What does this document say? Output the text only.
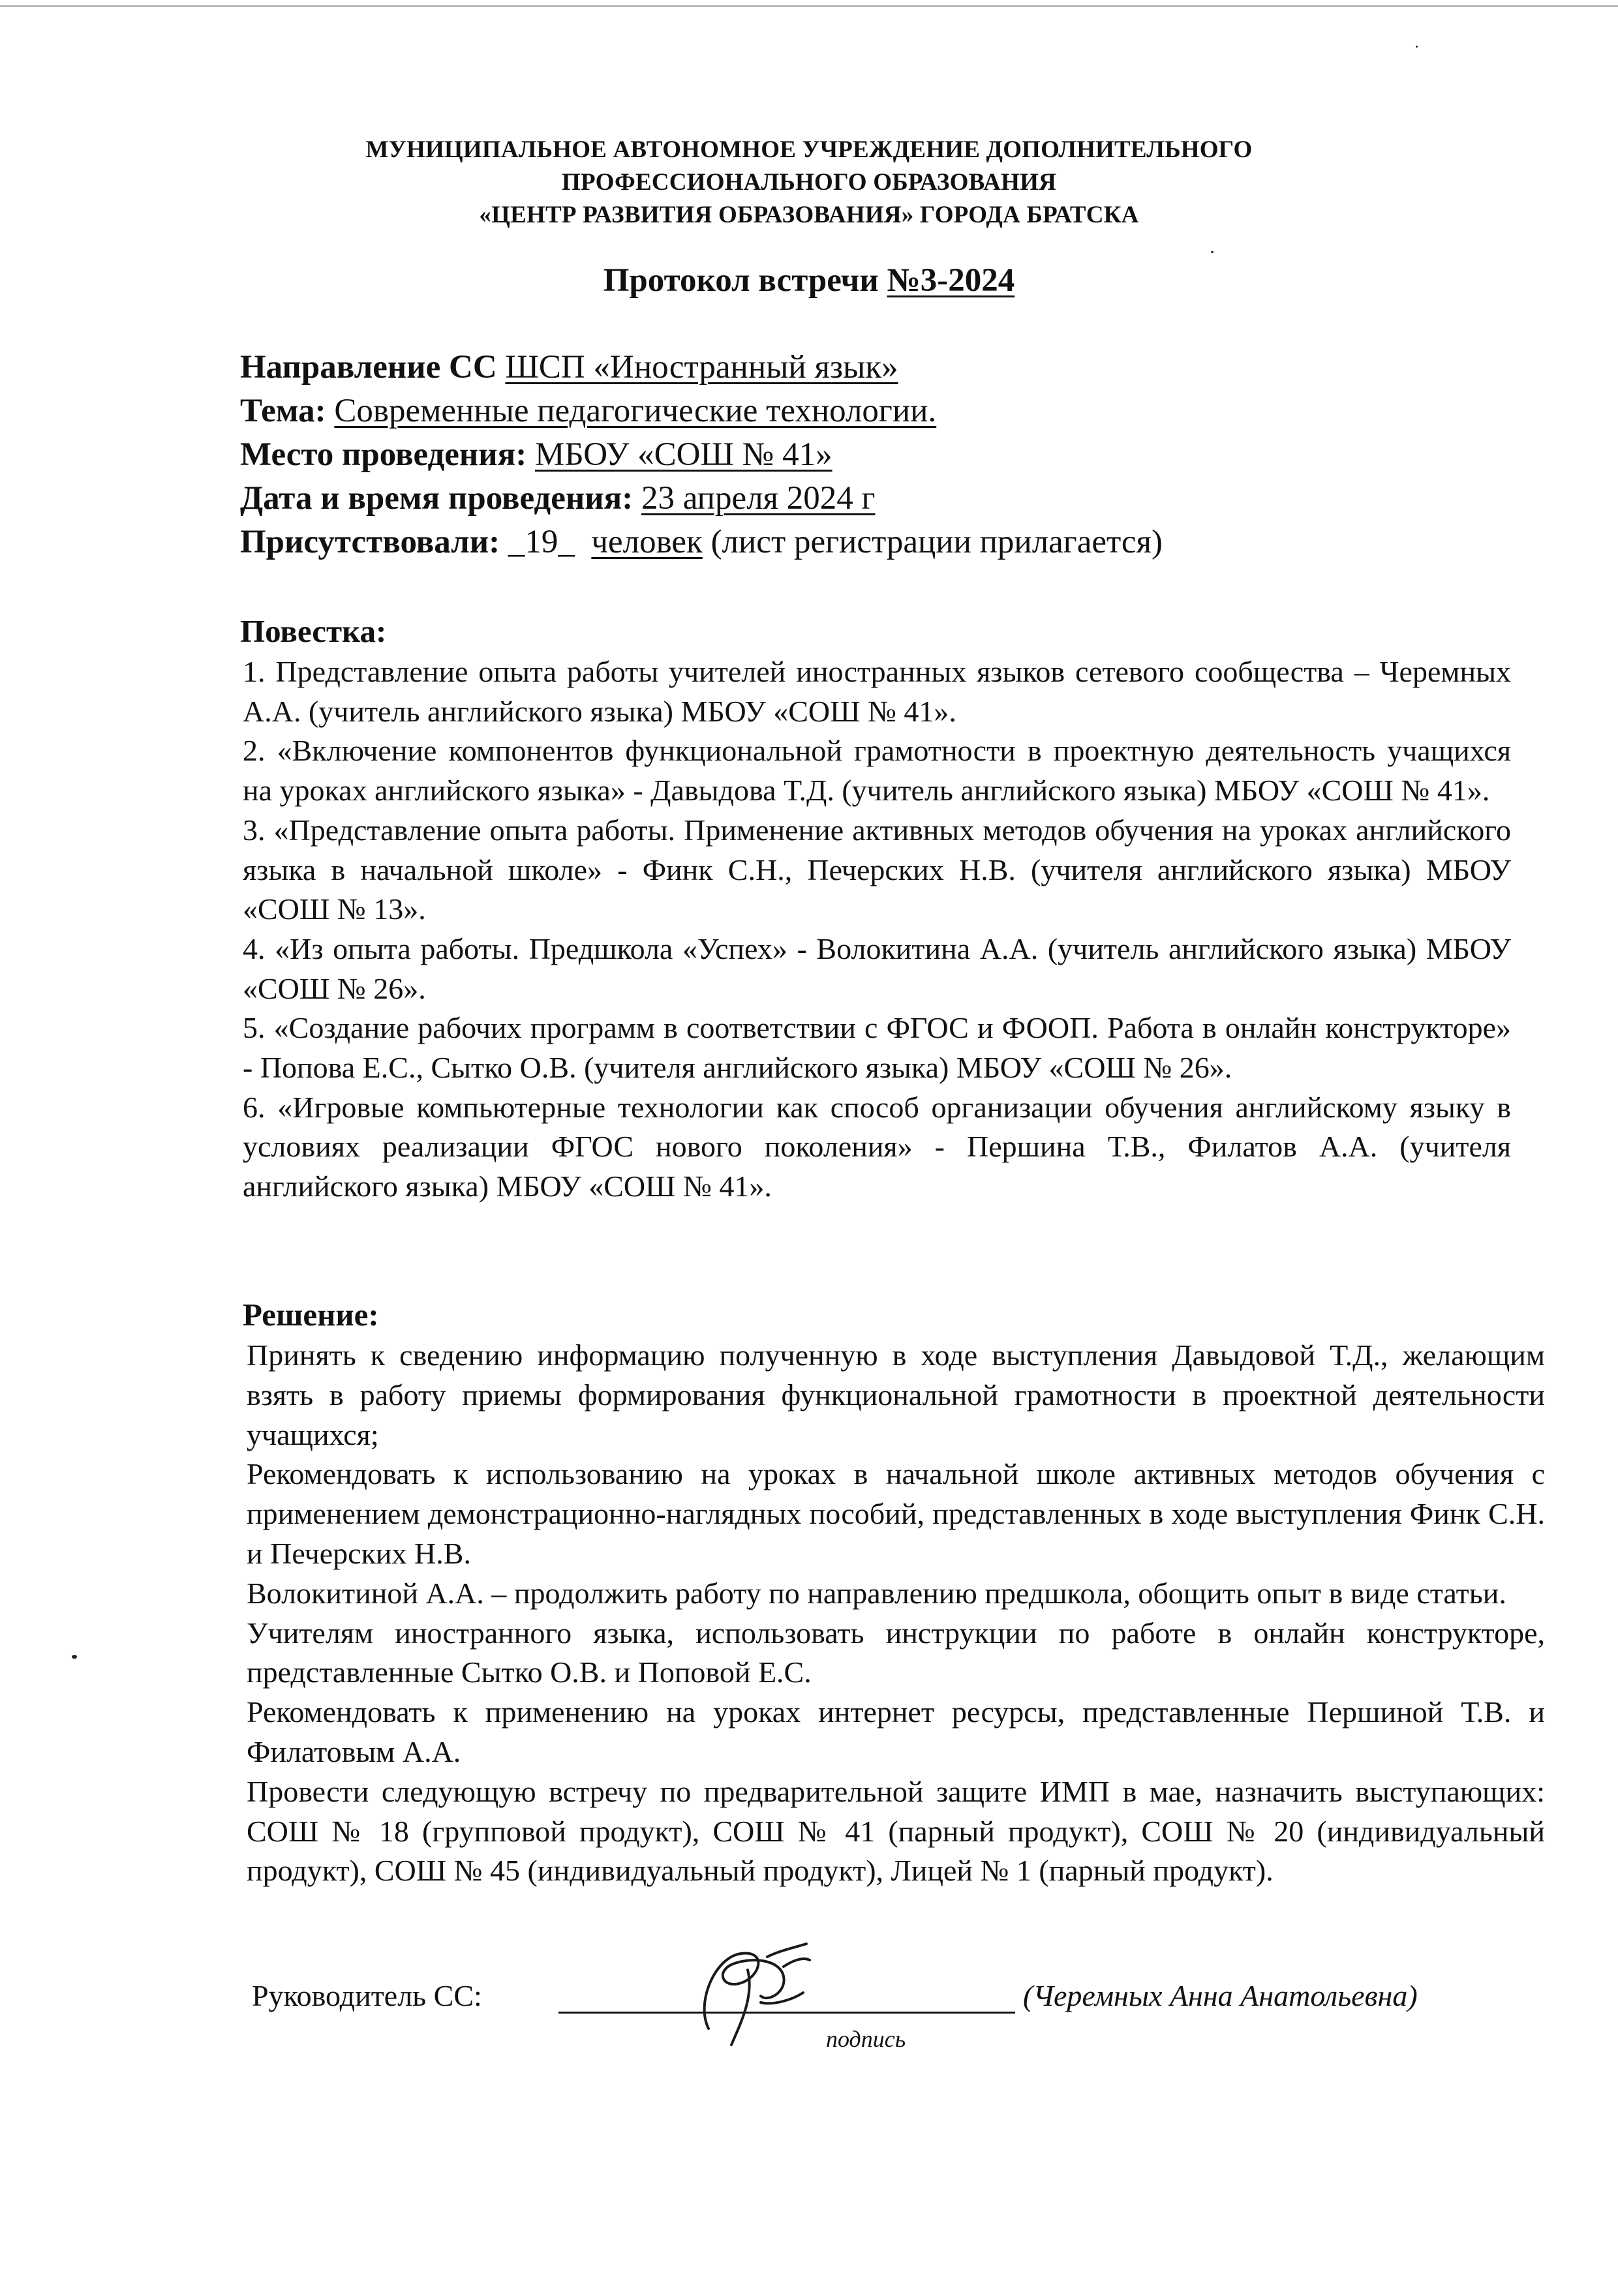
МУНИЦИПАЛЬНОЕ АВТОНОМНОЕ УЧРЕЖДЕНИЕ ДОПОЛНИТЕЛЬНОГО
ПРОФЕССИОНАЛЬНОГО ОБРАЗОВАНИЯ
«ЦЕНТР РАЗВИТИЯ ОБРАЗОВАНИЯ» ГОРОДА БРАТСКА
Протокол встречи №3-2024
Направление СС ШСП «Иностранный язык»
Тема: Современные педагогические технологии.
Место проведения: МБОУ «СОШ № 41»
Дата и время проведения: 23 апреля 2024 г
Присутствовали: _19_ человек (лист регистрации прилагается)
Повестка:

1. Представление опыта работы учителей иностранных языков сетевого сообщества – Черемных А.А. (учитель английского языка) МБОУ «СОШ № 41».

2. «Включение компонентов функциональной грамотности в проектную деятельность учащихся на уроках английского языка» - Давыдова Т.Д. (учитель английского языка) МБОУ «СОШ № 41».

3. «Представление опыта работы. Применение активных методов обучения на уроках английского языка в начальной школе» - Финк С.Н., Печерских Н.В. (учителя английского языка) МБОУ «СОШ № 13».

4. «Из опыта работы. Предшкола «Успех» - Волокитина А.А. (учитель английского языка) МБОУ «СОШ № 26».

5. «Создание рабочих программ в соответствии с ФГОС и ФООП. Работа в онлайн конструкторе» - Попова Е.С., Сытко О.В. (учителя английского языка) МБОУ «СОШ № 26».

6. «Игровые компьютерные технологии как способ организации обучения английскому языку в условиях реализации ФГОС нового поколения» - Першина Т.В., Филатов А.А. (учителя английского языка) МБОУ «СОШ № 41».

Решение:

Принять к сведению информацию полученную в ходе выступления Давыдовой Т.Д., желающим взять в работу приемы формирования функциональной грамотности в проектной деятельности учащихся;

Рекомендовать к использованию на уроках в начальной школе активных методов обучения с применением демонстрационно-наглядных пособий, представленных в ходе выступления Финк С.Н. и Печерских Н.В.

Волокитиной А.А. – продолжить работу по направлению предшкола, обощить опыт в виде статьи.

Учителям иностранного языка, использовать инструкции по работе в онлайн конструкторе, представленные Сытко О.В. и Поповой Е.С.

Рекомендовать к применению на уроках интернет ресурсы, представленные Першиной Т.В. и Филатовым А.А.

Провести следующую встречу по предварительной защите ИМП в мае, назначить выступающих: СОШ № 18 (групповой продукт), СОШ № 41 (парный продукт), СОШ № 20 (индивидуальный продукт), СОШ № 45 (индивидуальный продукт), Лицей № 1 (парный продукт).

Руководитель СС:	(Черемных Анна Анатольевна)
подпись
